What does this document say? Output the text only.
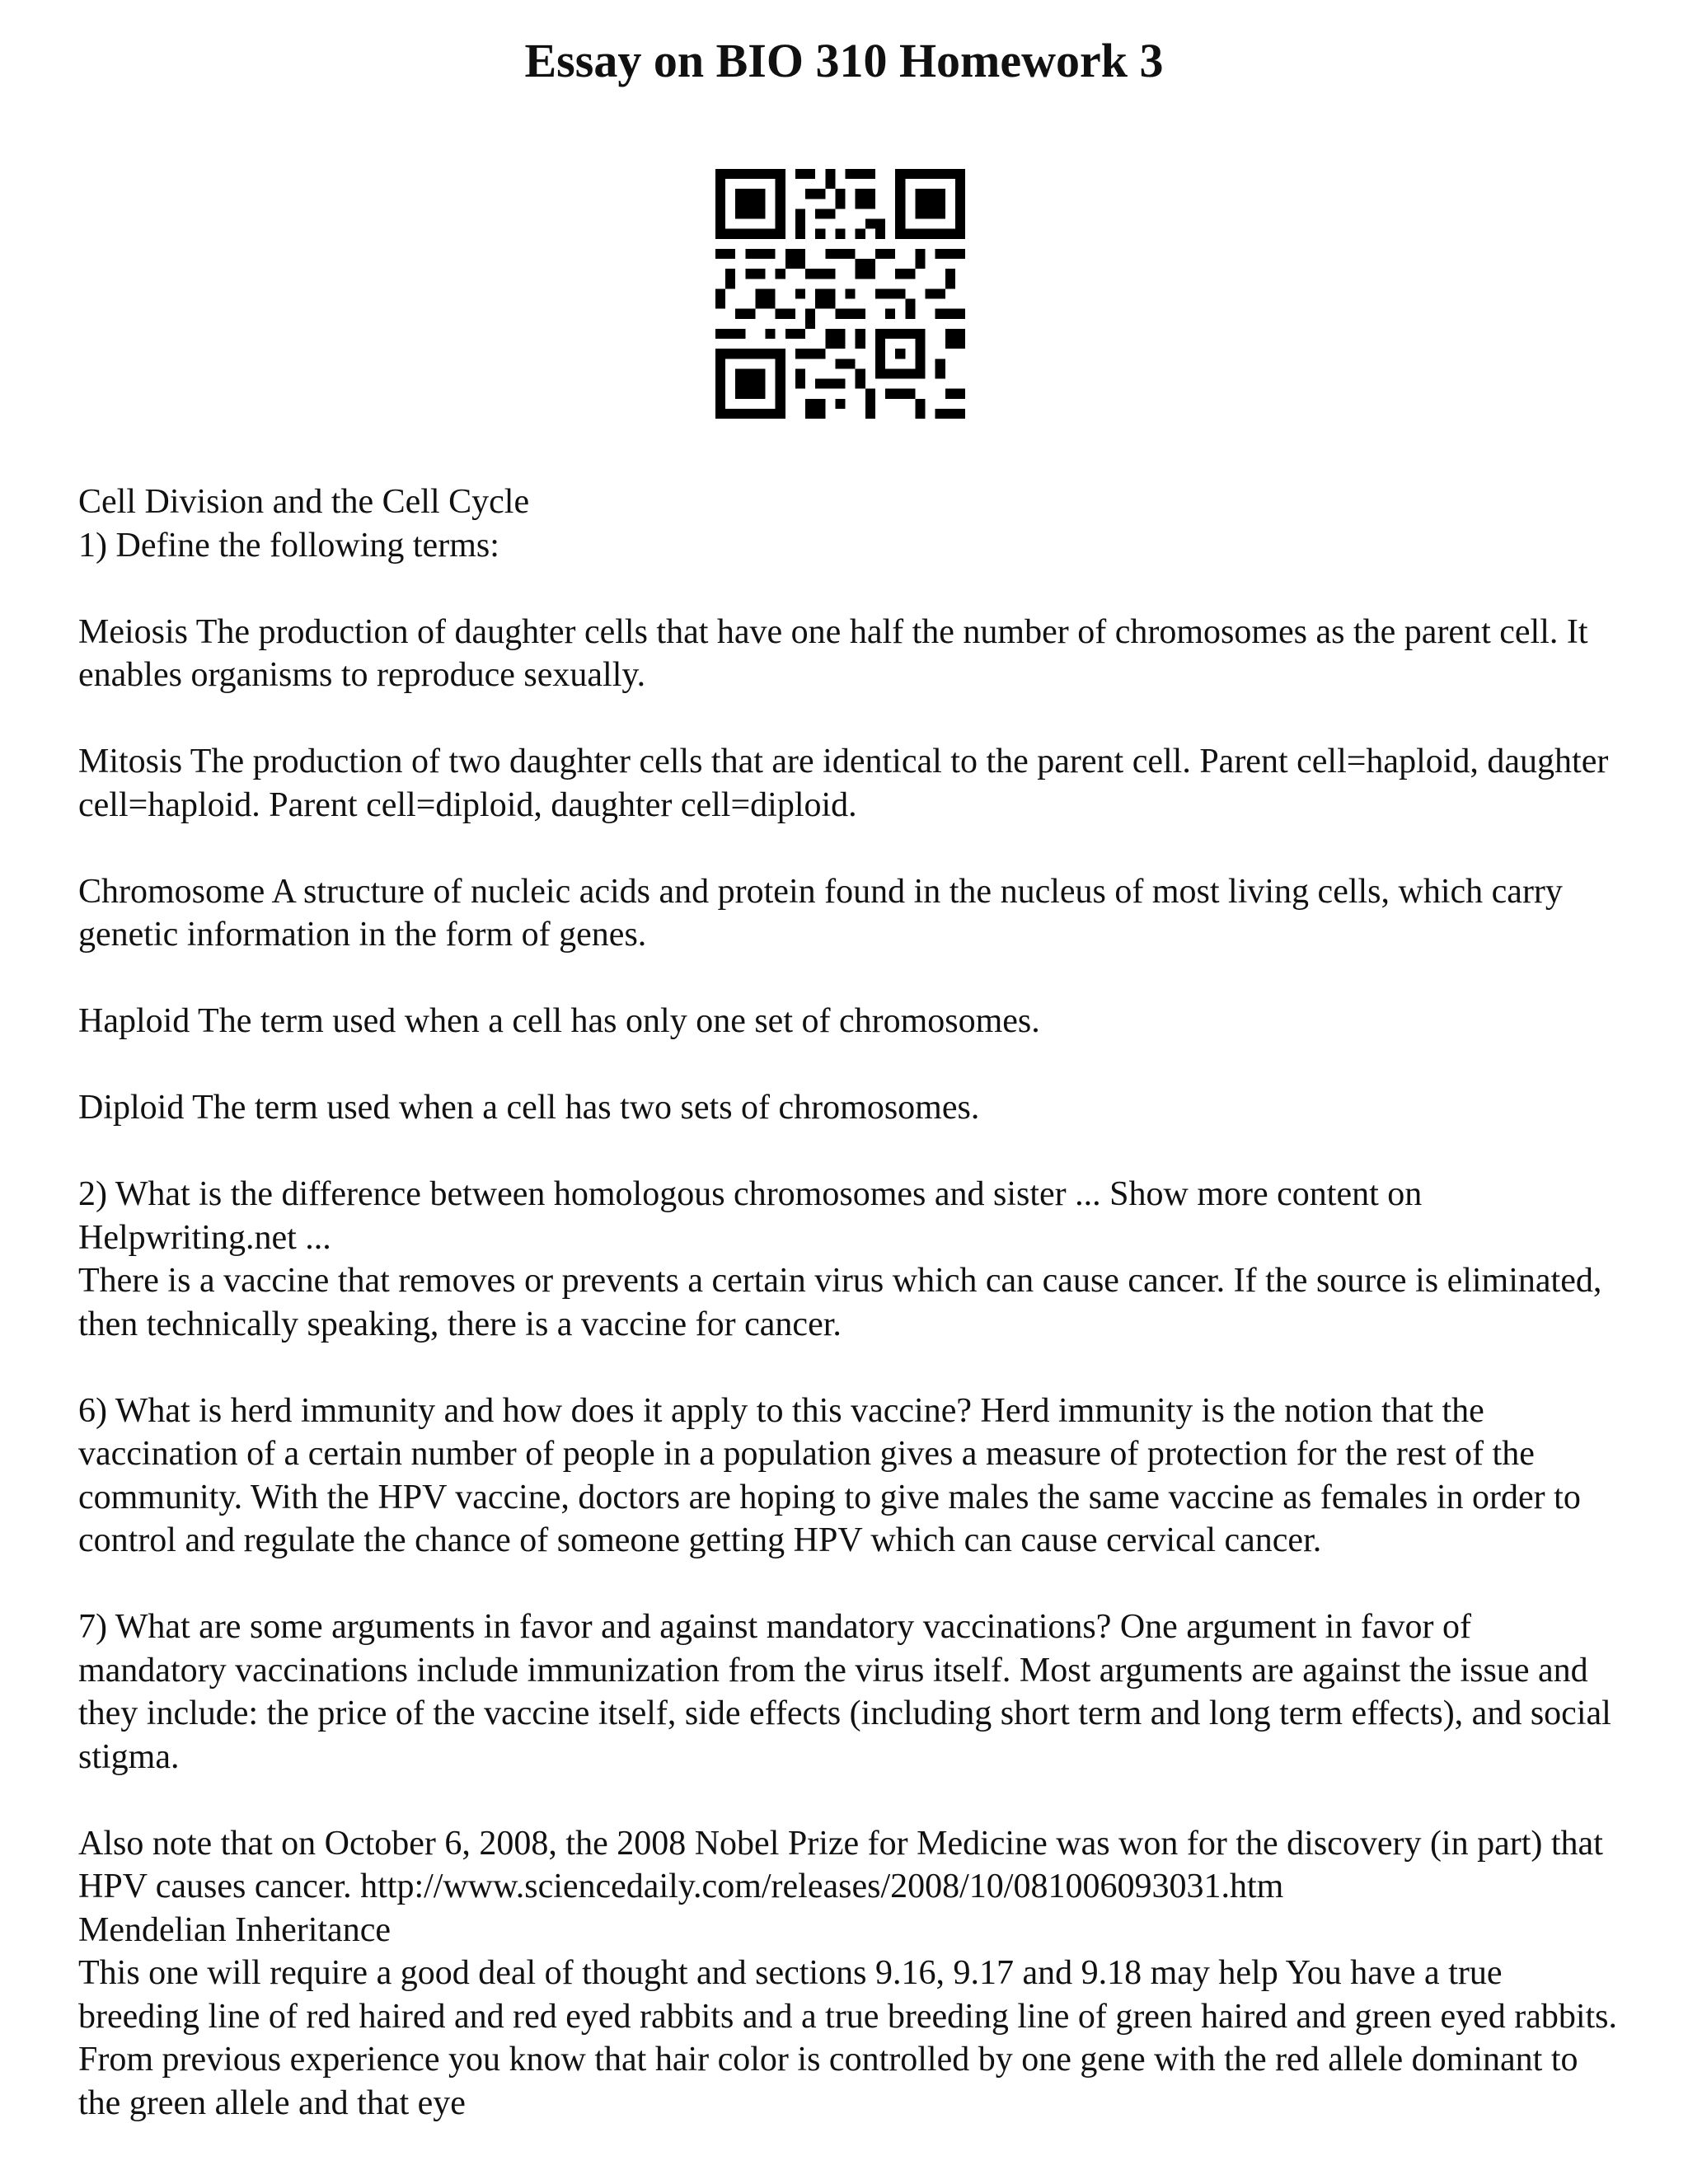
Essay on BIO 310 Homework 3

Cell Division and the Cell Cycle

1) Define the following terms:

Meiosis The production of daughter cells that have one half the number of chromosomes as the parent cell. It enables organisms to reproduce sexually.

Mitosis The production of two daughter cells that are identical to the parent cell. Parent cell=haploid, daughter cell=haploid. Parent cell=diploid, daughter cell=diploid.

Chromosome A structure of nucleic acids and protein found in the nucleus of most living cells, which carry genetic information in the form of genes.

Haploid The term used when a cell has only one set of chromosomes.

Diploid The term used when a cell has two sets of chromosomes.

2) What is the difference between homologous chromosomes and sister ... Show more content on Helpwriting.net ...

There is a vaccine that removes or prevents a certain virus which can cause cancer. If the source is eliminated, then technically speaking, there is a vaccine for cancer.

6) What is herd immunity and how does it apply to this vaccine? Herd immunity is the notion that the vaccination of a certain number of people in a population gives a measure of protection for the rest of the community. With the HPV vaccine, doctors are hoping to give males the same vaccine as females in order to control and regulate the chance of someone getting HPV which can cause cervical cancer.

7) What are some arguments in favor and against mandatory vaccinations? One argument in favor of mandatory vaccinations include immunization from the virus itself. Most arguments are against the issue and they include: the price of the vaccine itself, side effects (including short term and long term effects), and social stigma.

Also note that on October 6, 2008, the 2008 Nobel Prize for Medicine was won for the discovery (in part) that HPV causes cancer. http://www.sciencedaily.com/releases/2008/10/081006093031.htm

Mendelian Inheritance

This one will require a good deal of thought and sections 9.16, 9.17 and 9.18 may help You have a true breeding line of red haired and red eyed rabbits and a true breeding line of green haired and green eyed rabbits. From previous experience you know that hair color is controlled by one gene with the red allele dominant to the green allele and that eye
